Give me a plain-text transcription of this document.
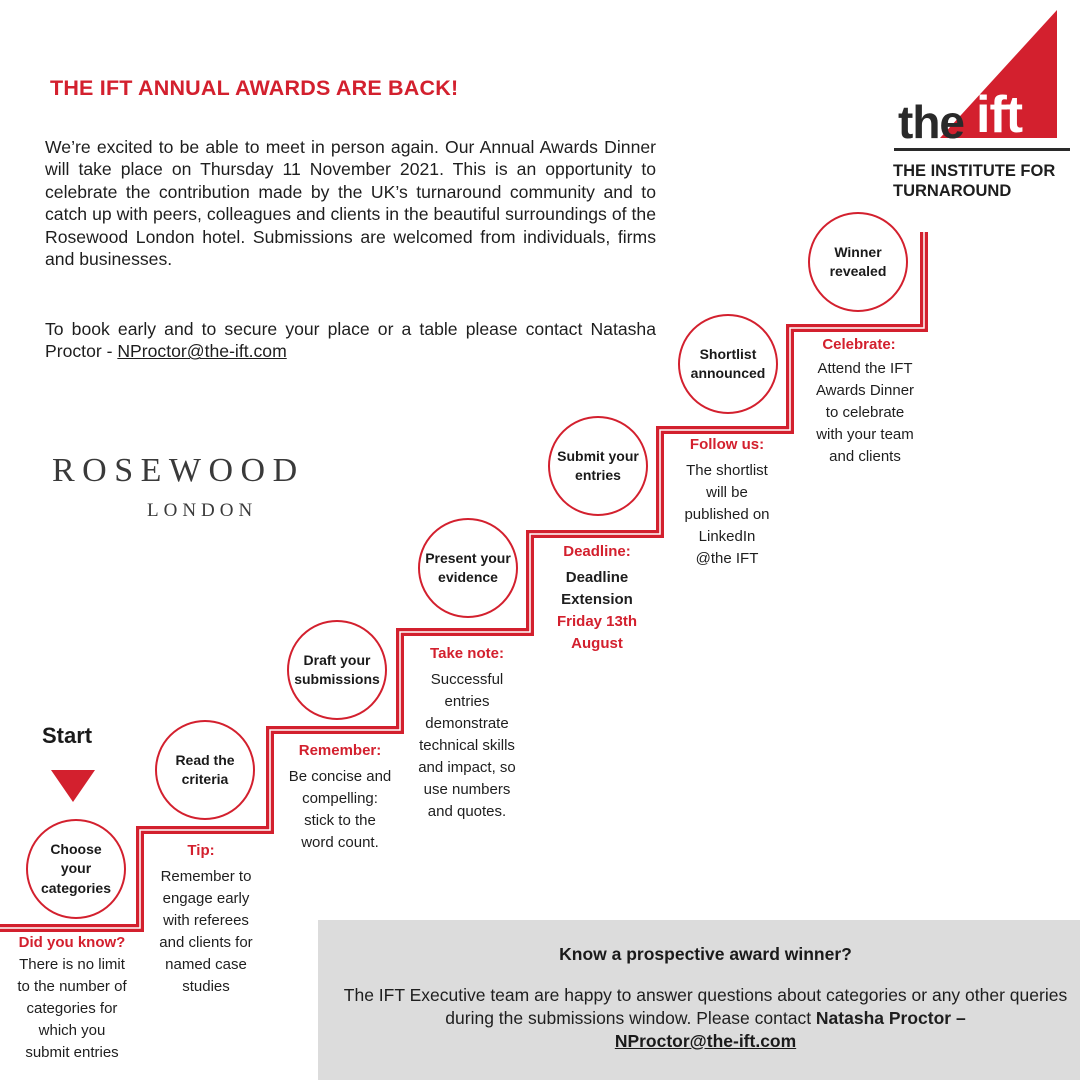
THE IFT ANNUAL AWARDS ARE BACK!
We’re excited to be able to meet in person again. Our Annual Awards Dinner will take place on Thursday 11 November 2021. This is an opportunity to celebrate the contribution made by the UK’s turnaround community and to catch up with peers, colleagues and clients in the beautiful surroundings of the Rosewood London hotel. Submissions are welcomed from individuals, firms and businesses.
To book early and to secure your place or a table please contact Natasha Proctor - NProctor@the-ift.com
the ift
THE INSTITUTE FOR
TURNAROUND
ROSEWOOD
LONDON
Start
Choose
your
categories
Did you know?
There is no limit
to the number of
categories for
which you
submit entries
Read the
criteria
Tip:
Remember to
engage early
with referees
and clients for
named case
studies
Draft your
submissions
Remember:
Be concise and
compelling:
stick to the
word count.
Present your
evidence
Take note:
Successful
entries
demonstrate
technical skills
and impact, so
use numbers
and quotes.
Submit your
entries
Deadline:
Deadline
Extension
Friday 13th
August
Shortlist
announced
Follow us:
The shortlist
will be
published on
LinkedIn
@the IFT
Winner
revealed
Celebrate:
Attend the IFT
Awards Dinner
to celebrate
with your team
and clients
Know a prospective award winner?
The IFT Executive team are happy to answer questions about categories or any other queries during the submissions window. Please contact Natasha Proctor –
NProctor@the-ift.com
